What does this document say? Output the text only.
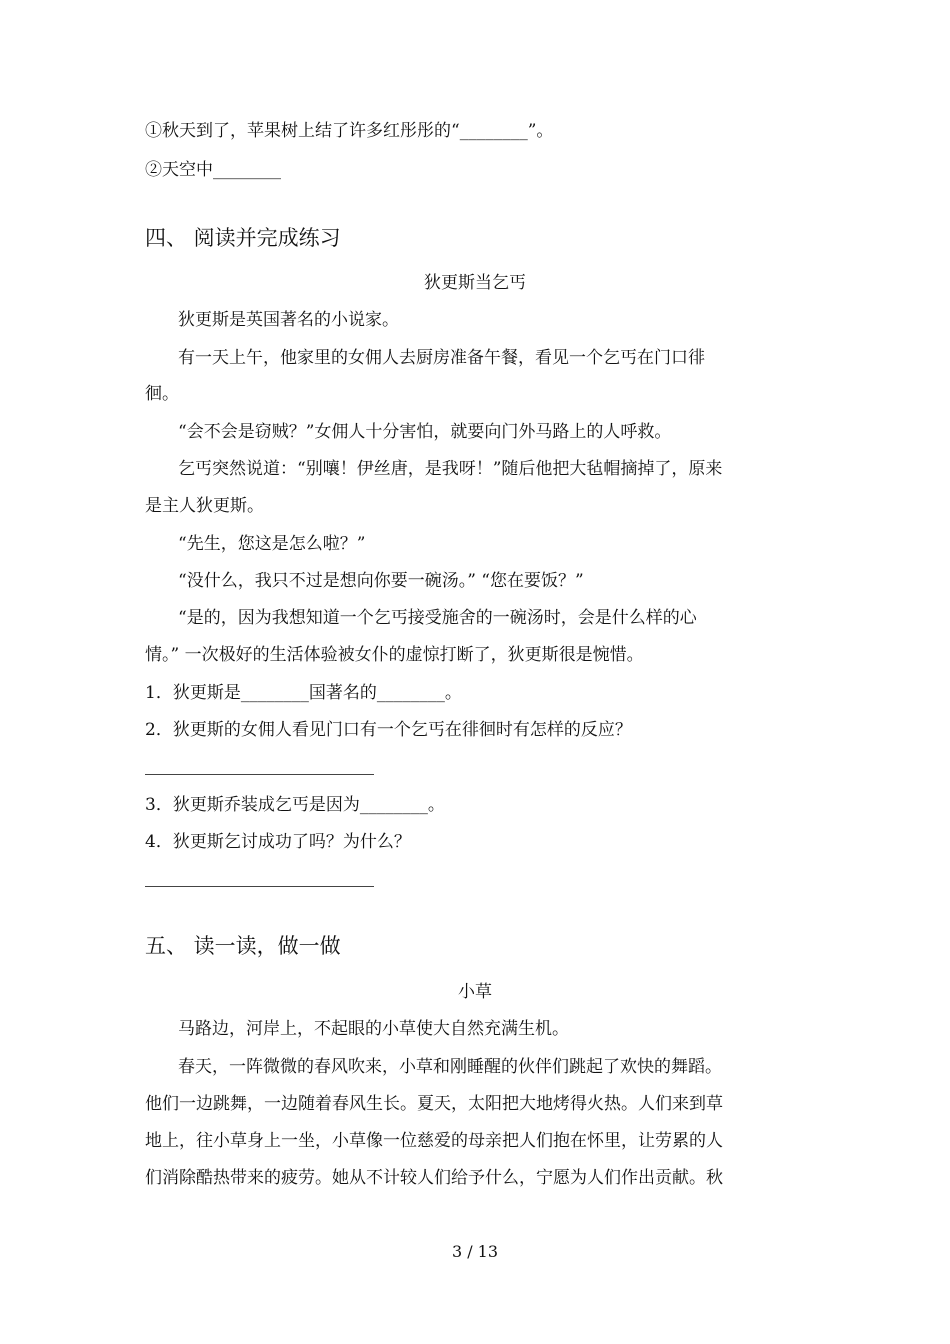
①秋天到了，苹果树上结了许多红彤彤的“________”。
②天空中________
四、 阅读并完成练习
狄更斯当乞丐
狄更斯是英国著名的小说家。
有一天上午，他家里的女佣人去厨房准备午餐，看见一个乞丐在门口徘
徊。
“会不会是窃贼？”女佣人十分害怕，就要向门外马路上的人呼救。
乞丐突然说道：“别嚷！伊丝唐，是我呀！”随后他把大毡帽摘掉了，原来
是主人狄更斯。
“先生，您这是怎么啦？”
“没什么，我只不过是想向你要一碗汤。” “您在要饭？”
“是的，因为我想知道一个乞丐接受施舍的一碗汤时，会是什么样的心
情。” 一次极好的生活体验被女仆的虚惊打断了，狄更斯很是惋惜。
1．狄更斯是________国著名的________。
2．狄更斯的女佣人看见门口有一个乞丐在徘徊时有怎样的反应？
3．狄更斯乔装成乞丐是因为________。
4．狄更斯乞讨成功了吗？为什么？
五、 读一读，做一做
小草
马路边，河岸上，不起眼的小草使大自然充满生机。
春天，一阵微微的春风吹来，小草和刚睡醒的伙伴们跳起了欢快的舞蹈。
他们一边跳舞，一边随着春风生长。夏天，太阳把大地烤得火热。人们来到草
地上，往小草身上一坐，小草像一位慈爱的母亲把人们抱在怀里，让劳累的人
们消除酷热带来的疲劳。她从不计较人们给予什么，宁愿为人们作出贡献。秋
3 / 13
